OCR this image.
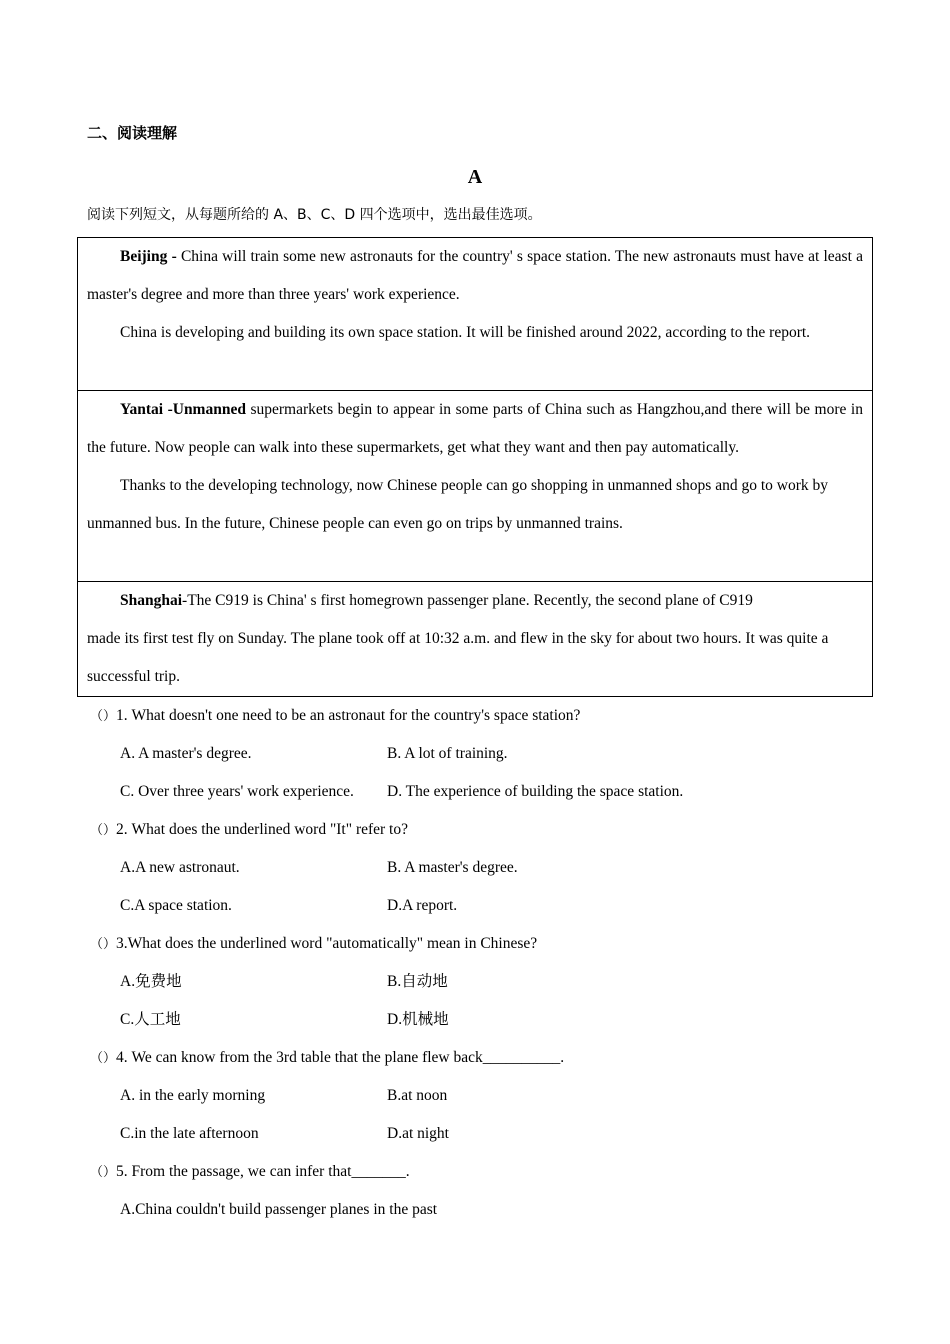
二、阅读理解
A
阅读下列短文，从每题所给的 A、B、C、D 四个选项中，选出最佳选项。

Beijing - China will train some new astronauts for the country' s space station. The new astronauts must have at least a master's degree and more than three years' work experience.

China is developing and building its own space station. It will be finished around 2022, according to the report.

Yantai -Unmanned supermarkets begin to appear in some parts of China such as Hangzhou,and there will be more in the future. Now people can walk into these supermarkets, get what they want and then pay automatically.

Thanks to the developing technology, now Chinese people can go shopping in unmanned shops and go to work by unmanned bus. In the future, Chinese people can even go on trips by unmanned trains.

Shanghai-The C919 is China' s first homegrown passenger plane. Recently, the second plane of C919

made its first test fly on Sunday. The plane took off at 10:32 a.m. and flew in the sky for about two hours. It was quite a successful trip.

（）1. What doesn't one need to be an astronaut for the country's space station?
A. A master's degree.	B. A lot of training.
C. Over three years' work experience. D. The experience of building the space station.
（）2. What does the underlined word "It" refer to?
A.A new astronaut.	B. A master's degree.
C.A space station.	D.A report.
（）3.What does the underlined word "automatically" mean in Chinese?
A.免费地	B.自动地
C.人工地	D.机械地
（）4. We can know from the 3rd table that the plane flew back__________.
A. in the early morning	B.at noon
C.in the late afternoon	D.at night
（）5. From the passage, we can infer that_______.
A.China couldn't build passenger planes in the past
